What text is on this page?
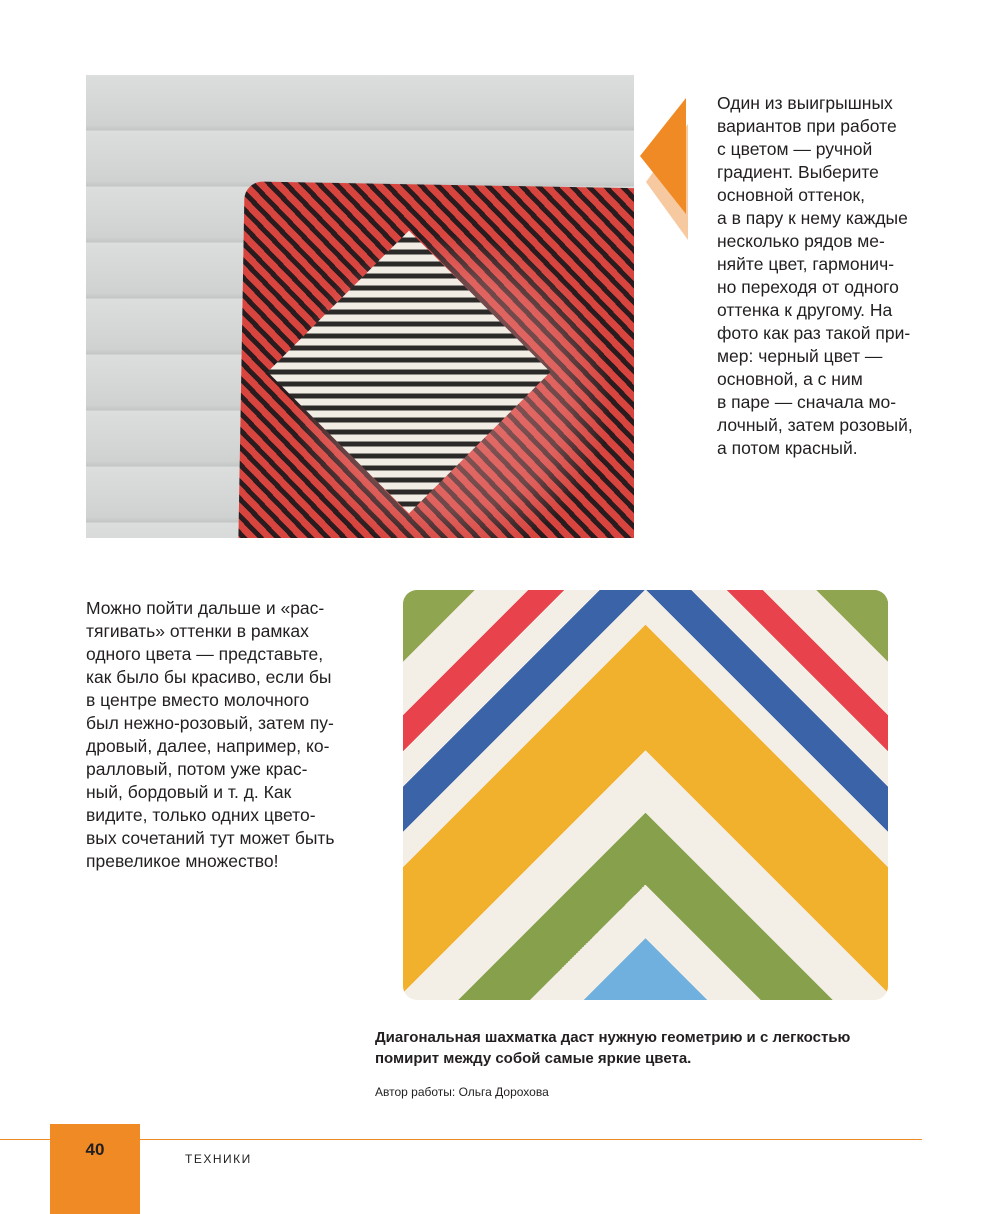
Один из выигрышных
вариантов при работе
с цветом — ручной
градиент. Выберите
основной оттенок,
а в пару к нему каждые
несколько рядов ме-
няйте цвет, гармонич-
но переходя от одного
оттенка к другому. На
фото как раз такой при-
мер: черный цвет —
основной, а с ним
в паре — сначала мо-
лочный, затем розовый,
а потом красный.
Можно пойти дальше и «рас-
тягивать» оттенки в рамках
одного цвета — представьте,
как было бы красиво, если бы
в центре вместо молочного
был нежно-розовый, затем пу-
дровый, далее, например, ко-
ралловый, потом уже крас-
ный, бордовый и т. д. Как
видите, только одних цвето-
вых сочетаний тут может быть
превеликое множество!
Диагональная шахматка даст нужную геометрию и с легкостью помирит между собой самые яркие цвета.
Автор работы: Ольга Дорохова
40	ТЕХНИКИ
